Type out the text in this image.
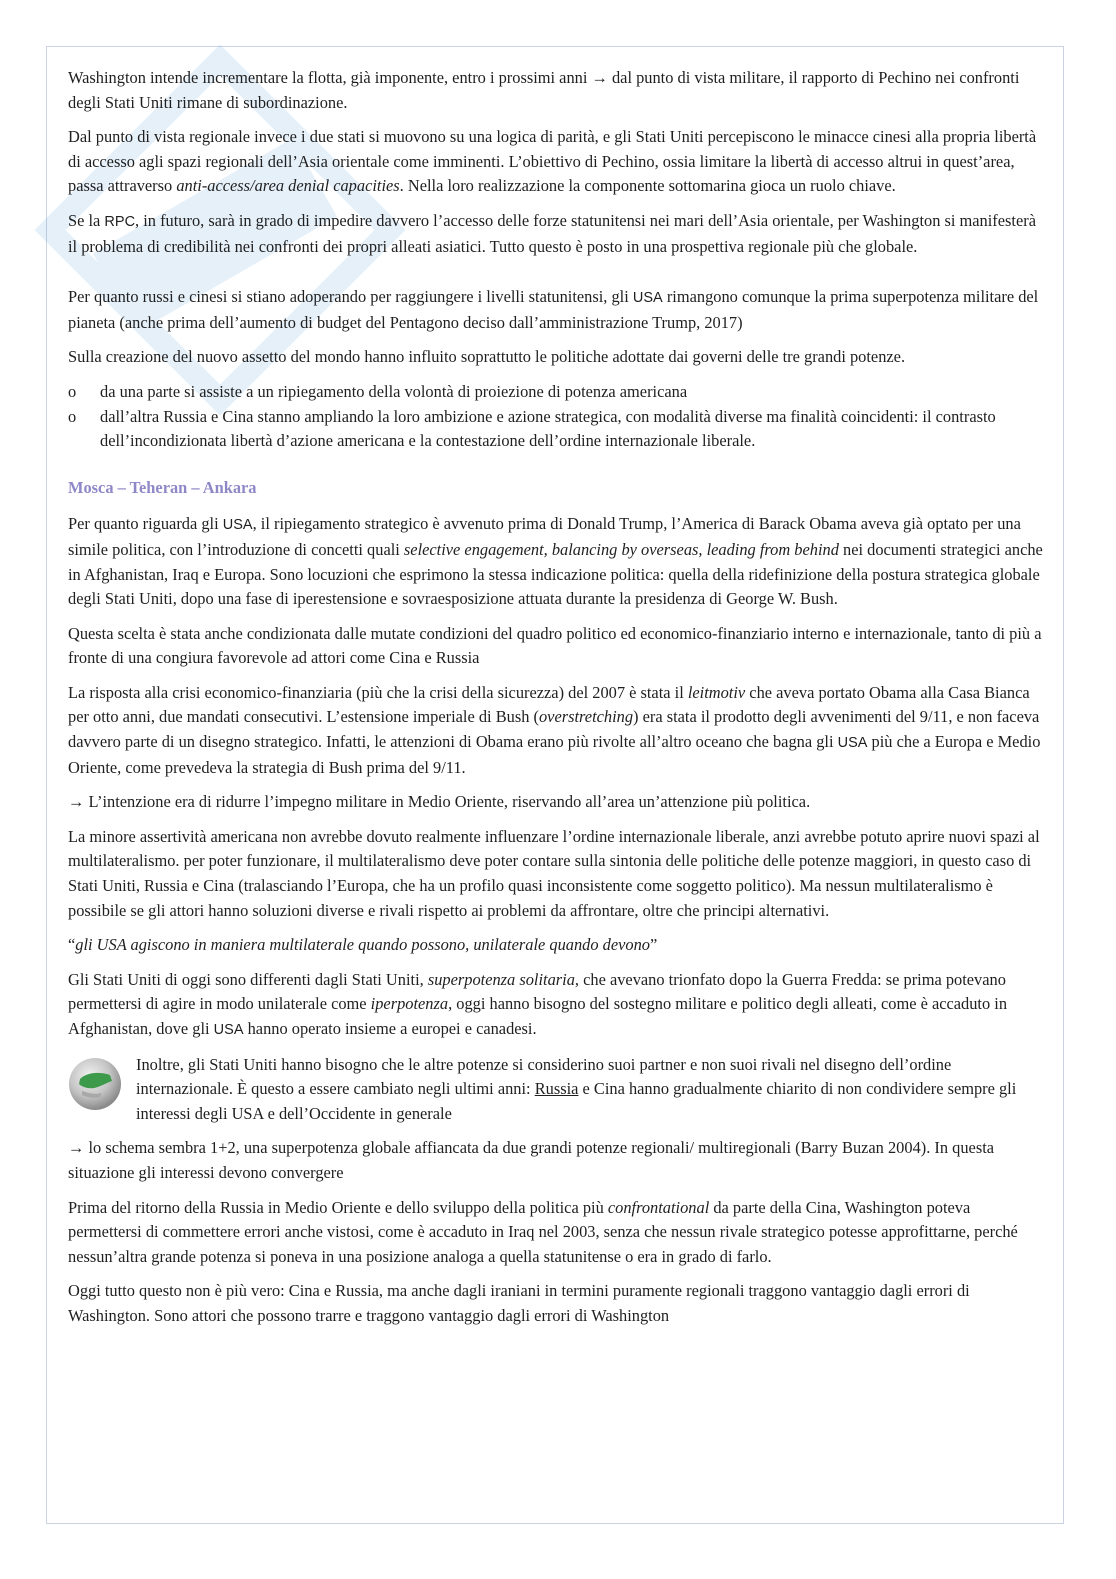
Washington intende incrementare la flotta, già imponente, entro i prossimi anni → dal punto di vista militare, il rapporto di Pechino nei confronti degli Stati Uniti rimane di subordinazione.

Dal punto di vista regionale invece i due stati si muovono su una logica di parità, e gli Stati Uniti percepiscono le minacce cinesi alla propria libertà di accesso agli spazi regionali dell’Asia orientale come imminenti. L’obiettivo di Pechino, ossia limitare la libertà di accesso altrui in quest’area, passa attraverso anti-access/area denial capacities. Nella loro realizzazione la componente sottomarina gioca un ruolo chiave.

Se la RPC, in futuro, sarà in grado di impedire davvero l’accesso delle forze statunitensi nei mari dell’Asia orientale, per Washington si manifesterà il problema di credibilità nei confronti dei propri alleati asiatici. Tutto questo è posto in una prospettiva regionale più che globale.

Per quanto russi e cinesi si stiano adoperando per raggiungere i livelli statunitensi, gli USA rimangono comunque la prima superpotenza militare del pianeta (anche prima dell’aumento di budget del Pentagono deciso dall’amministrazione Trump, 2017)

Sulla creazione del nuovo assetto del mondo hanno influito soprattutto le politiche adottate dai governi delle tre grandi potenze.

o da una parte si assiste a un ripiegamento della volontà di proiezione di potenza americana
o dall’altra Russia e Cina stanno ampliando la loro ambizione e azione strategica, con modalità diverse ma finalità coincidenti: il contrasto dell’incondizionata libertà d’azione americana e la contestazione dell’ordine internazionale liberale.
Mosca – Teheran – Ankara

Per quanto riguarda gli USA, il ripiegamento strategico è avvenuto prima di Donald Trump, l’America di Barack Obama aveva già optato per una simile politica, con l’introduzione di concetti quali selective engagement, balancing by overseas, leading from behind nei documenti strategici anche in Afghanistan, Iraq e Europa. Sono locuzioni che esprimono la stessa indicazione politica: quella della ridefinizione della postura strategica globale degli Stati Uniti, dopo una fase di iperestensione e sovraesposizione attuata durante la presidenza di George W. Bush.

Questa scelta è stata anche condizionata dalle mutate condizioni del quadro politico ed economico-finanziario interno e internazionale, tanto di più a fronte di una congiura favorevole ad attori come Cina e Russia

La risposta alla crisi economico-finanziaria (più che la crisi della sicurezza) del 2007 è stata il leitmotiv che aveva portato Obama alla Casa Bianca per otto anni, due mandati consecutivi. L’estensione imperiale di Bush (overstretching) era stata il prodotto degli avvenimenti del 9/11, e non faceva davvero parte di un disegno strategico. Infatti, le attenzioni di Obama erano più rivolte all’altro oceano che bagna gli USA più che a Europa e Medio Oriente, come prevedeva la strategia di Bush prima del 9/11.

→ L’intenzione era di ridurre l’impegno militare in Medio Oriente, riservando all’area un’attenzione più politica.

La minore assertività americana non avrebbe dovuto realmente influenzare l’ordine internazionale liberale, anzi avrebbe potuto aprire nuovi spazi al multilateralismo. per poter funzionare, il multilateralismo deve poter contare sulla sintonia delle politiche delle potenze maggiori, in questo caso di Stati Uniti, Russia e Cina (tralasciando l’Europa, che ha un profilo quasi inconsistente come soggetto politico). Ma nessun multilateralismo è possibile se gli attori hanno soluzioni diverse e rivali rispetto ai problemi da affrontare, oltre che principi alternativi.

“gli USA agiscono in maniera multilaterale quando possono, unilaterale quando devono”

Gli Stati Uniti di oggi sono differenti dagli Stati Uniti, superpotenza solitaria, che avevano trionfato dopo la Guerra Fredda: se prima potevano permettersi di agire in modo unilaterale come iperpotenza, oggi hanno bisogno del sostegno militare e politico degli alleati, come è accaduto in Afghanistan, dove gli USA hanno operato insieme a europei e canadesi.

Inoltre, gli Stati Uniti hanno bisogno che le altre potenze si considerino suoi partner e non suoi rivali nel disegno dell’ordine internazionale. È questo a essere cambiato negli ultimi anni: Russia e Cina hanno gradualmente chiarito di non condividere sempre gli interessi degli USA e dell’Occidente in generale

→ lo schema sembra 1+2, una superpotenza globale affiancata da due grandi potenze regionali/ multiregionali (Barry Buzan 2004). In questa situazione gli interessi devono convergere

Prima del ritorno della Russia in Medio Oriente e dello sviluppo della politica più confrontational da parte della Cina, Washington poteva permettersi di commettere errori anche vistosi, come è accaduto in Iraq nel 2003, senza che nessun rivale strategico potesse approfittarne, perché nessun’altra grande potenza si poneva in una posizione analoga a quella statunitense o era in grado di farlo.

Oggi tutto questo non è più vero: Cina e Russia, ma anche dagli iraniani in termini puramente regionali traggono vantaggio dagli errori di Washington. Sono attori che possono trarre e traggono vantaggio dagli errori di Washington
